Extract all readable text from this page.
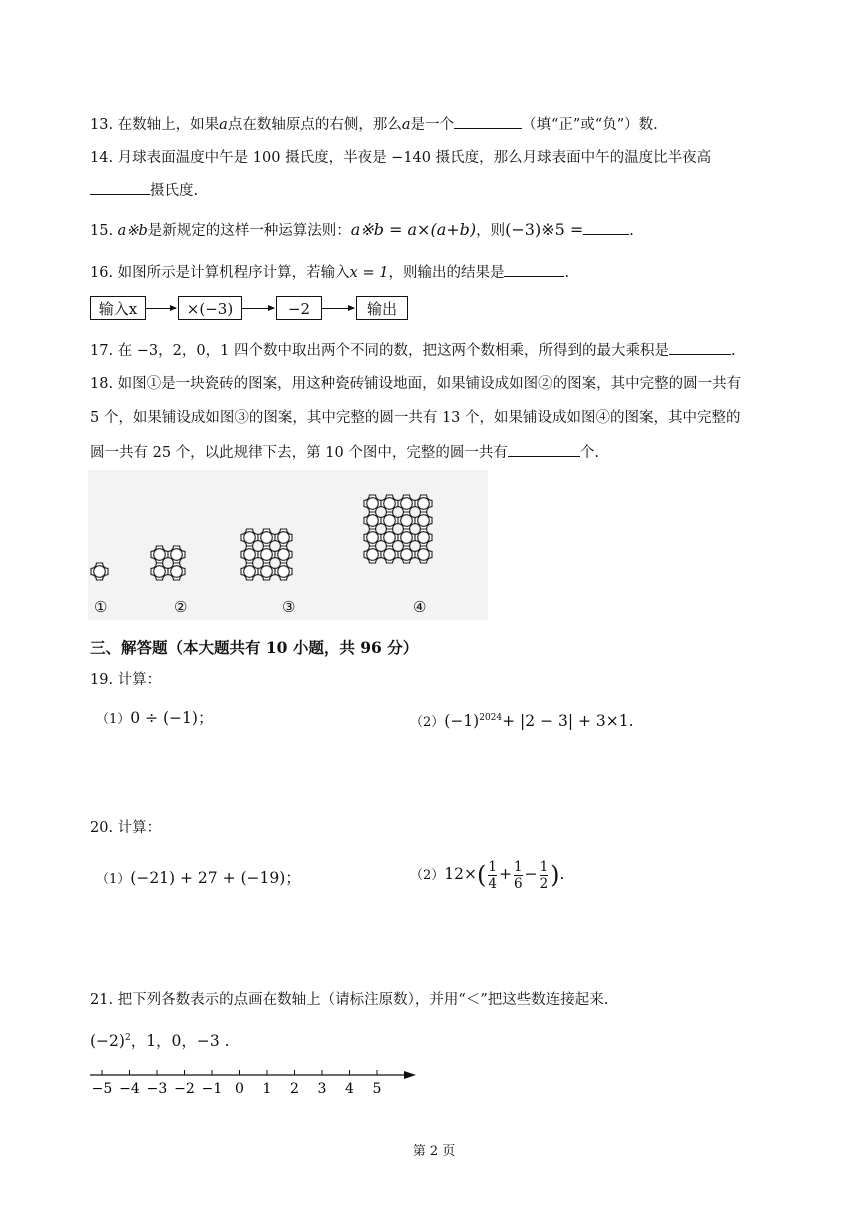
13. 在数轴上，如果a点在数轴原点的右侧，那么a是一个	（填“正”或“负”）数.
14. 月球表面温度中午是 100 摄氏度，半夜是 −140 摄氏度，那么月球表面中午的温度比半夜高
摄氏度.
15. a※b是新规定的这样一种运算法则：a※b = a×(a+b)，则(−3)※5 =	.
16. 如图所示是计算机程序计算，若输入x = 1，则输出的结果是	.
输入x	×(−3)	−2	输出
17. 在 −3，2，0，1 四个数中取出两个不同的数，把这两个数相乘，所得到的最大乘积是	.
18. 如图①是一块瓷砖的图案，用这种瓷砖铺设地面，如果铺设成如图②的图案，其中完整的圆一共有
5 个，如果铺设成如图③的图案，其中完整的圆一共有 13 个，如果铺设成如图④的图案，其中完整的
圆一共有 25 个，以此规律下去，第 10 个图中，完整的圆一共有	个.
①	②	③	④
三、解答题（本大题共有 10 小题，共 96 分）
19. 计算：
（1）0 ÷ (−1)；	$(2)(-1)^{2024}+ |2 - 3| + 3\times 1$.
20. 计算：
（1）(−21) + 27 + (−19)；	$(2)12\times( \frac{1}{4} + \frac{1}{6} - \frac{1}{2}$ ).
21. 把下列各数表示的点画在数轴上（请标注原数），并用“＜”把这些数连接起来.
$(-2)^2$，1，0，−3 .
−5 −4 −3 −2 −1 0 1 2 3 4 5
第 2 页
